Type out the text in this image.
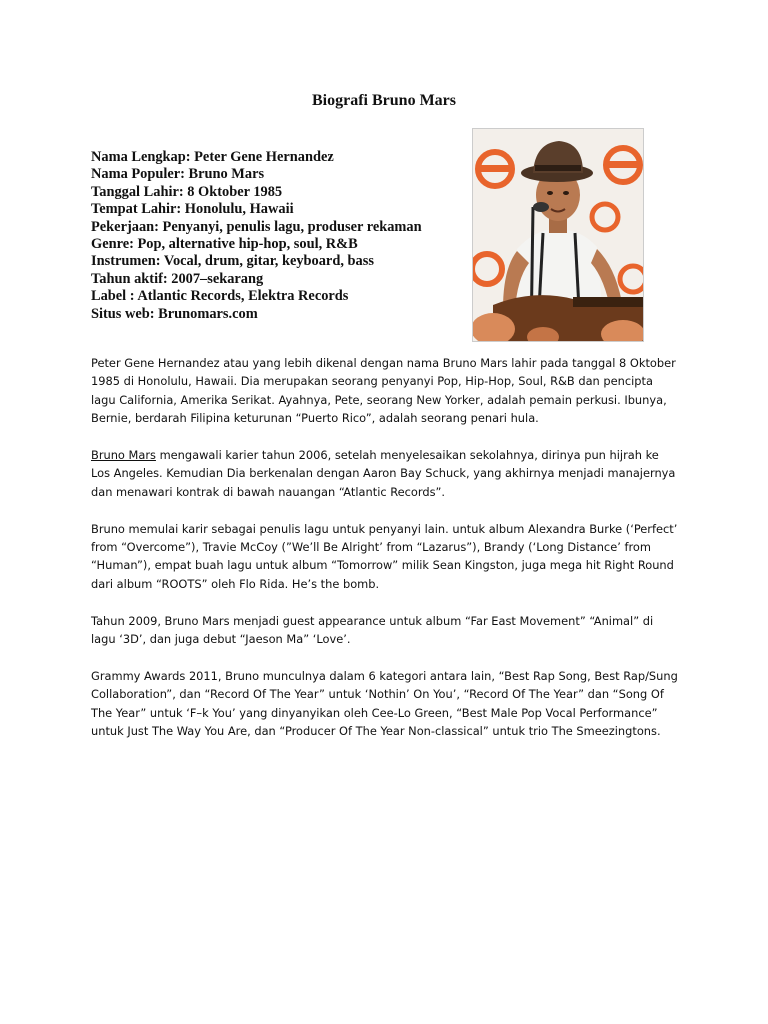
Biografi Bruno Mars
Nama Lengkap: Peter Gene Hernandez
Nama Populer: Bruno Mars
Tanggal Lahir: 8 Oktober 1985
Tempat Lahir: Honolulu, Hawaii
Pekerjaan: Penyanyi, penulis lagu, produser rekaman
Genre: Pop, alternative hip-hop, soul, R&B
Instrumen: Vocal, drum, gitar, keyboard, bass
Tahun aktif: 2007–sekarang
Label : Atlantic Records, Elektra Records
Situs web: Brunomars.com

Peter Gene Hernandez atau yang lebih dikenal dengan nama Bruno Mars lahir pada tanggal 8 Oktober 1985 di Honolulu, Hawaii. Dia merupakan seorang penyanyi Pop, Hip-Hop, Soul, R&B dan pencipta lagu California, Amerika Serikat. Ayahnya, Pete, seorang New Yorker, adalah pemain perkusi. Ibunya, Bernie, berdarah Filipina keturunan “Puerto Rico”, adalah seorang penari hula.

Bruno Mars mengawali karier tahun 2006, setelah menyelesaikan sekolahnya, dirinya pun hijrah ke Los Angeles. Kemudian Dia berkenalan dengan Aaron Bay Schuck, yang akhirnya menjadi manajernya dan menawari kontrak di bawah nauangan “Atlantic Records”.

Bruno memulai karir sebagai penulis lagu untuk penyanyi lain. untuk album Alexandra Burke (‘Perfect’ from “Overcome”), Travie McCoy (”We’ll Be Alright’ from “Lazarus”), Brandy (‘Long Distance’ from “Human”), empat buah lagu untuk album “Tomorrow” milik Sean Kingston, juga mega hit Right Round dari album “ROOTS” oleh Flo Rida. He’s the bomb.

Tahun 2009, Bruno Mars menjadi guest appearance untuk album “Far East Movement” “Animal” di lagu ‘3D’, dan juga debut “Jaeson Ma” ‘Love’.

Grammy Awards 2011, Bruno munculnya dalam 6 kategori antara lain, “Best Rap Song, Best Rap/Sung Collaboration”, dan “Record Of The Year” untuk ‘Nothin’ On You’, “Record Of The Year” dan “Song Of The Year” untuk ‘F–k You’ yang dinyanyikan oleh Cee-Lo Green, “Best Male Pop Vocal Performance” untuk Just The Way You Are, dan “Producer Of The Year Non-classical” untuk trio The Smeezingtons.
